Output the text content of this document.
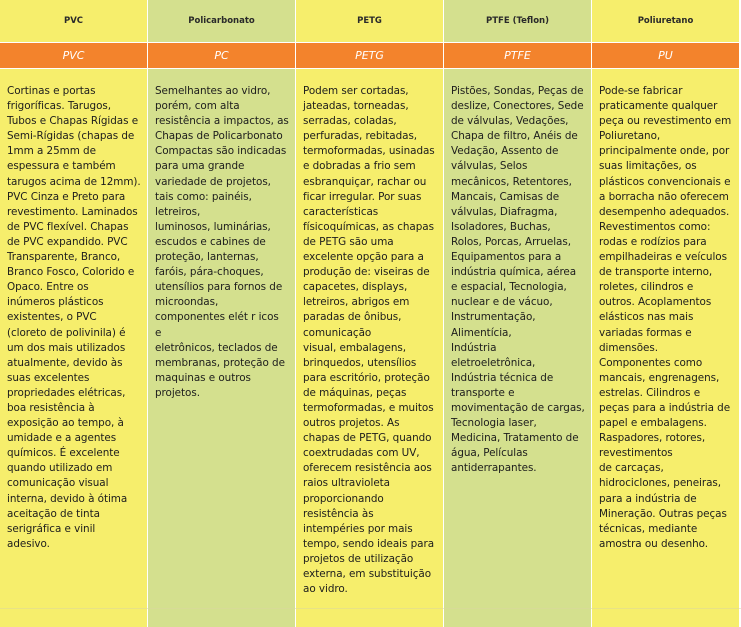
PVC
PVC
Cortinas e portas
frigoríficas. Tarugos,
Tubos e Chapas Rígidas e
Semi-Rígidas (chapas de
1mm a 25mm de
espessura e também
tarugos acima de 12mm).
PVC Cinza e Preto para
revestimento. Laminados
de PVC flexível. Chapas
de PVC expandido. PVC
Transparente, Branco,
Branco Fosco, Colorido e
Opaco. Entre os
inúmeros plásticos
existentes, o PVC
(cloreto de polivinila) é
um dos mais utilizados
atualmente, devido às
suas excelentes
propriedades elétricas,
boa resistência à
exposição ao tempo, à
umidade e a agentes
químicos. É excelente
quando utilizado em
comunicação visual
interna, devido à ótima
aceitação de tinta
serigráfica e vinil adesivo.
Policarbonato
PC
Semelhantes ao vidro,
porém, com alta
resistência a impactos, as
Chapas de Policarbonato
Compactas são indicadas
para uma grande
variedade de projetos,
tais como: painéis,
letreiros,
luminosos, luminárias,
escudos e cabines de
proteção, lanternas,
faróis, pára-choques,
utensílios para fornos de
microondas,
componentes elét r icos
e
eletrônicos, teclados de
membranas, proteção de
maquinas e outros
projetos.
PETG
PETG
Podem ser cortadas,
jateadas, torneadas,
serradas, coladas,
perfuradas, rebitadas,
termoformadas, usinadas
e dobradas a frio sem
esbranquiçar, rachar ou
ficar irregular. Por suas
características
físicoquímicas, as chapas
de PETG são uma
excelente opção para a
produção de: viseiras de
capacetes, displays,
letreiros, abrigos em
paradas de ônibus,
comunicação
visual, embalagens,
brinquedos, utensílios
para escritório, proteção
de máquinas, peças
termoformadas, e muitos
outros projetos. As
chapas de PETG, quando
coextrudadas com UV,
oferecem resistência aos
raios ultravioleta
proporcionando
resistência às
intempéries por mais
tempo, sendo ideais para
projetos de utilização
externa, em substituição
ao vidro.
PTFE (Teflon)
PTFE
Pistões, Sondas, Peças de
deslize, Conectores, Sede
de válvulas, Vedações,
Chapa de filtro, Anéis de
Vedação, Assento de
válvulas, Selos
mecânicos, Retentores,
Mancais, Camisas de
válvulas, Diafragma,
Isoladores, Buchas,
Rolos, Porcas, Arruelas,
Equipamentos para a
indústria química, aérea
e espacial, Tecnologia,
nuclear e de vácuo,
Instrumentação,
Alimentícia,
Indústria
eletroeletrônica,
Indústria técnica de
transporte e
movimentação de cargas,
Tecnologia laser,
Medicina, Tratamento de
água, Películas
antiderrapantes.
Poliuretano
PU
Pode-se fabricar
praticamente qualquer
peça ou revestimento em
Poliuretano,
principalmente onde, por
suas limitações, os
plásticos convencionais e
a borracha não oferecem
desempenho adequados.
Revestimentos como:
rodas e rodízios para
empilhadeiras e veículos
de transporte interno,
roletes, cilindros e
outros. Acoplamentos
elásticos nas mais
variadas formas e
dimensões.
Componentes como
mancais, engrenagens,
estrelas. Cilindros e
peças para a indústria de
papel e embalagens.
Raspadores, rotores,
revestimentos
de carcaças,
hidrociclones, peneiras,
para a indústria de
Mineração. Outras peças
técnicas, mediante
amostra ou desenho.
